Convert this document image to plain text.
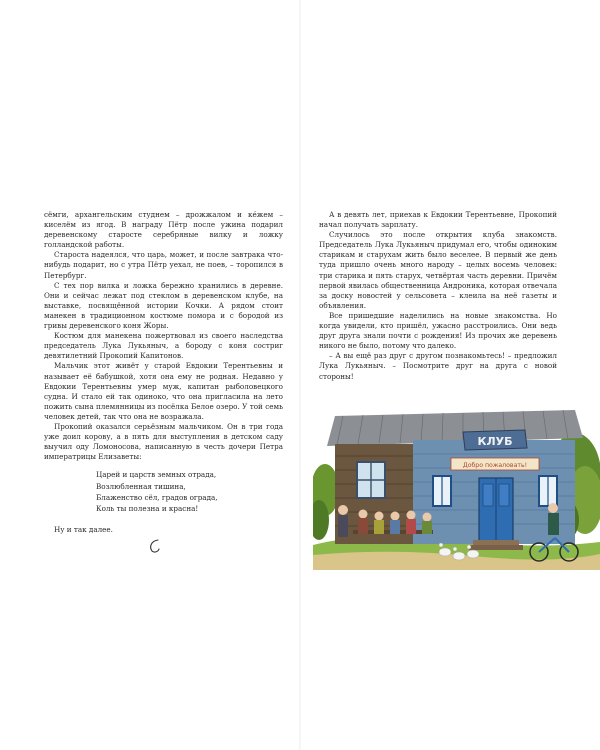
сёмги, архангельским студнем – дрожжалом и кéжем – киселём из ягод. В награду Пётр после ужина подарил деревенскому старосте серебряные вилку и ложку голландской работы.

Староста надеялся, что царь, может, и после завтрака что-нибудь подарит, но с утра Пётр уехал, не поев, – торопился в Петербург.

С тех пор вилка и ложка бережно хранились в деревне. Они и сейчас лежат под стеклом в деревенском клубе, на выставке, посвящённой истории Кочки. А рядом стоит манекен в традиционном костюме помора и с бородой из гривы деревенского коня Жоры.

Костюм для манекена пожертвовал из своего наследства председатель Лука Лукьяныч, а бороду с коня состриг девятилетний Прокопий Капитонов.

Мальчик этот живёт у старой Евдокии Терентьевны и называет её бабушкой, хотя она ему не родная. Недавно у Евдокии Терентьевны умер муж, капитан рыболовецкого судна. И стало ей так одиноко, что она пригласила на лето пожить сына племянницы из посёлка Белое озеро. У той семь человек детей, так что она не возражала.

Прокопий оказался серьёзным мальчиком. Он в три года уже доил корову, а в пять для выступления в детском саду выучил оду Ломоносова, написанную в честь дочери Петра императрицы Елизаветы:

Царей и царств земных отрада,
Возлюбленная тишина,
Блаженство сёл, градов ограда,
Коль ты полезна и красна!

Ну и так далее.

А в девять лет, приехав к Евдокии Терентьевне, Прокопий начал получать зарплату.

Случилось это после открытия клуба знакомств. Председатель Лука Лукьяныч придумал его, чтобы одиноким старикам и старухам жить было веселее. В первый же день туда пришло очень много народу – целых восемь человек: три старика и пять старух, четвёртая часть деревни. Причём первой явилась общественница Андроника, которая отвечала за доску новостей у сельсовета – клеила на неё газеты и объявления.

Все пришедшие наделились на новые знакомства. Но когда увидели, кто пришёл, ужасно расстроились. Они ведь друг друга знали почти с рождения! Из прочих же деревень никого не было, потому что далеко.

– А вы ещё раз друг с другом познакомьтесь! – предложил Лука Лукьяныч. – Посмотрите друг на друга с новой стороны!

КЛУБ
Добро пожаловать!
